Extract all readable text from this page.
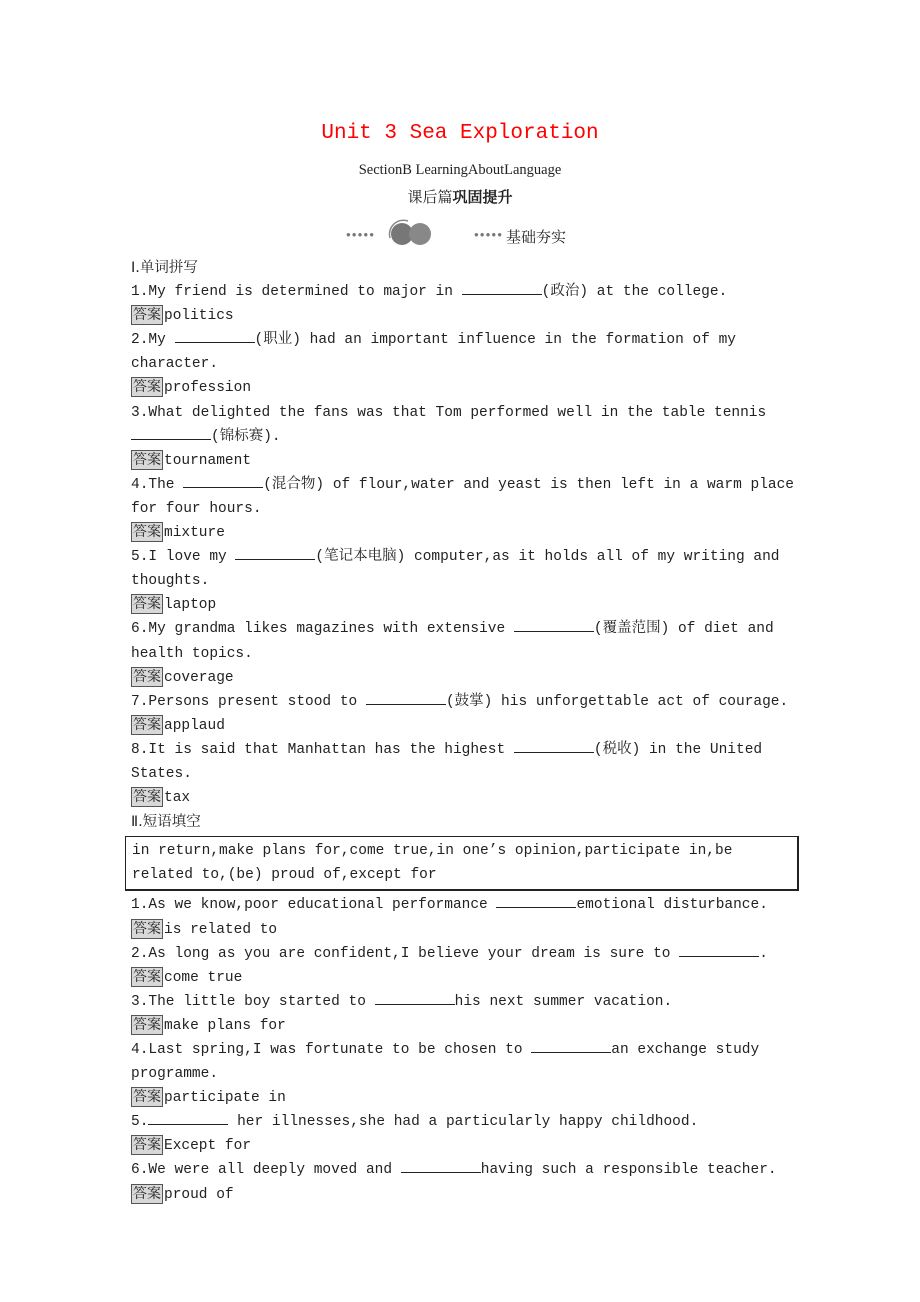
Unit 3 Sea Exploration
SectionB LearningAboutLanguage
课后篇巩固提升
●●●●●	●●●●● 基础夯实
Ⅰ.单词拼写
1.My friend is determined to major in	(政治) at the college.
答案 politics
2.My	(职业) had an important influence in the formation of my character.
答案 profession
3.What delighted the fans was that Tom performed well in the table tennis (锦标赛).
答案 tournament
4.The	(混合物) of flour,water and yeast is then left in a warm place for four hours.
答案 mixture
5.I love my	(笔记本电脑) computer,as it holds all of my writing and thoughts.
答案 laptop
6.My grandma likes magazines with extensive	(覆盖范围) of diet and health topics.
答案 coverage
7.Persons present stood to	(鼓掌) his unforgettable act of courage.
答案 applaud
8.It is said that Manhattan has the highest	(税收) in the United States.
答案 tax
Ⅱ.短语填空
in return,make plans for,come true,in one’s opinion,participate in,be related to,(be) proud of,except for
1.As we know,poor educational performance	emotional disturbance.
答案 is related to
2.As long as you are confident,I believe your dream is sure to	.
答案 come true
3.The little boy started to	his next summer vacation.
答案 make plans for
4.Last spring,I was fortunate to be chosen to	an exchange study programme.
答案 participate in
5.	her illnesses,she had a particularly happy childhood.
答案 Except for
6.We were all deeply moved and	having such a responsible teacher.
答案 proud of
